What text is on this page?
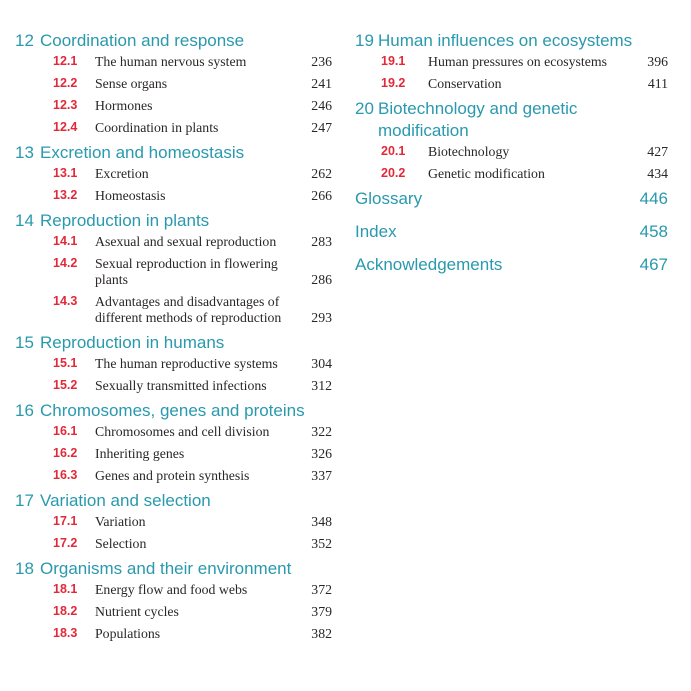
12 Coordination and response
12.1	The human nervous system	236
12.2	Sense organs	241
12.3	Hormones	246
12.4	Coordination in plants	247
13 Excretion and homeostasis
13.1	Excretion	262
13.2	Homeostasis	266
14 Reproduction in plants
14.1	Asexual and sexual reproduction	283
14.2	Sexual reproduction in flowering plants	286
14.3	Advantages and disadvantages of different methods of reproduction	293
15 Reproduction in humans
15.1	The human reproductive systems	304
15.2	Sexually transmitted infections	312
16 Chromosomes, genes and proteins
16.1	Chromosomes and cell division	322
16.2	Inheriting genes	326
16.3	Genes and protein synthesis	337
17 Variation and selection
17.1	Variation	348
17.2	Selection	352
18 Organisms and their environment
18.1	Energy flow and food webs	372
18.2	Nutrient cycles	379
18.3	Populations	382
19 Human influences on ecosystems
19.1	Human pressures on ecosystems	396
19.2	Conservation	411
20 Biotechnology and genetic modification
20.1	Biotechnology	427
20.2	Genetic modification	434
Glossary	446
Index	458
Acknowledgements	467
